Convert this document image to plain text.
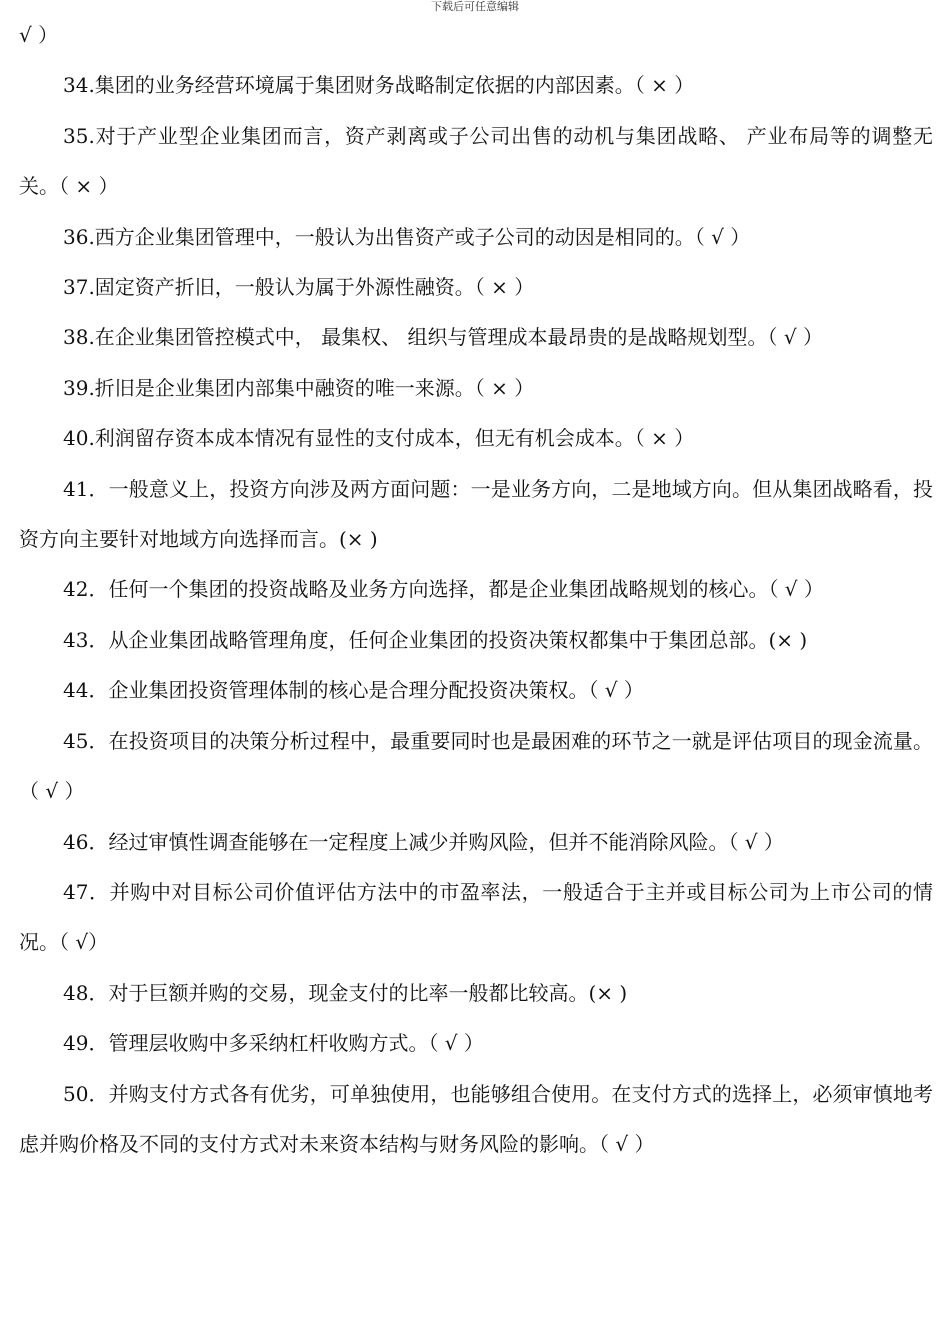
下载后可任意编辑

√ ）

34.集团的业务经营环境属于集团财务战略制定依据的内部因素。（ × ）

35.对于产业型企业集团而言，资产剥离或子公司出售的动机与集团战略、 产业布局等的调整无关。（ × ）

36.西方企业集团管理中，一般认为出售资产或子公司的动因是相同的。（ √ ）

37.固定资产折旧，一般认为属于外源性融资。（ × ）

38.在企业集团管控模式中， 最集权、 组织与管理成本最昂贵的是战略规划型。（ √ ）

39.折旧是企业集团内部集中融资的唯一来源。（ × ）

40.利润留存资本成本情况有显性的支付成本，但无有机会成本。（ × ）

41．一般意义上，投资方向涉及两方面问题：一是业务方向，二是地域方向。但从集团战略看，投资方向主要针对地域方向选择而言。(× )

42．任何一个集团的投资战略及业务方向选择，都是企业集团战略规划的核心。（ √ ）

43．从企业集团战略管理角度，任何企业集团的投资决策权都集中于集团总部。(× )

44．企业集团投资管理体制的核心是合理分配投资决策权。（ √ ）

45．在投资项目的决策分析过程中，最重要同时也是最困难的环节之一就是评估项目的现金流量。（ √ ）

46．经过审慎性调查能够在一定程度上减少并购风险，但并不能消除风险。（ √ ）

47．并购中对目标公司价值评估方法中的市盈率法，一般适合于主并或目标公司为上市公司的情况。（ √）

48．对于巨额并购的交易，现金支付的比率一般都比较高。(× )

49．管理层收购中多采纳杠杆收购方式。（ √ ）

50．并购支付方式各有优劣，可单独使用，也能够组合使用。在支付方式的选择上，必须审慎地考虑并购价格及不同的支付方式对未来资本结构与财务风险的影响。（ √ ）
